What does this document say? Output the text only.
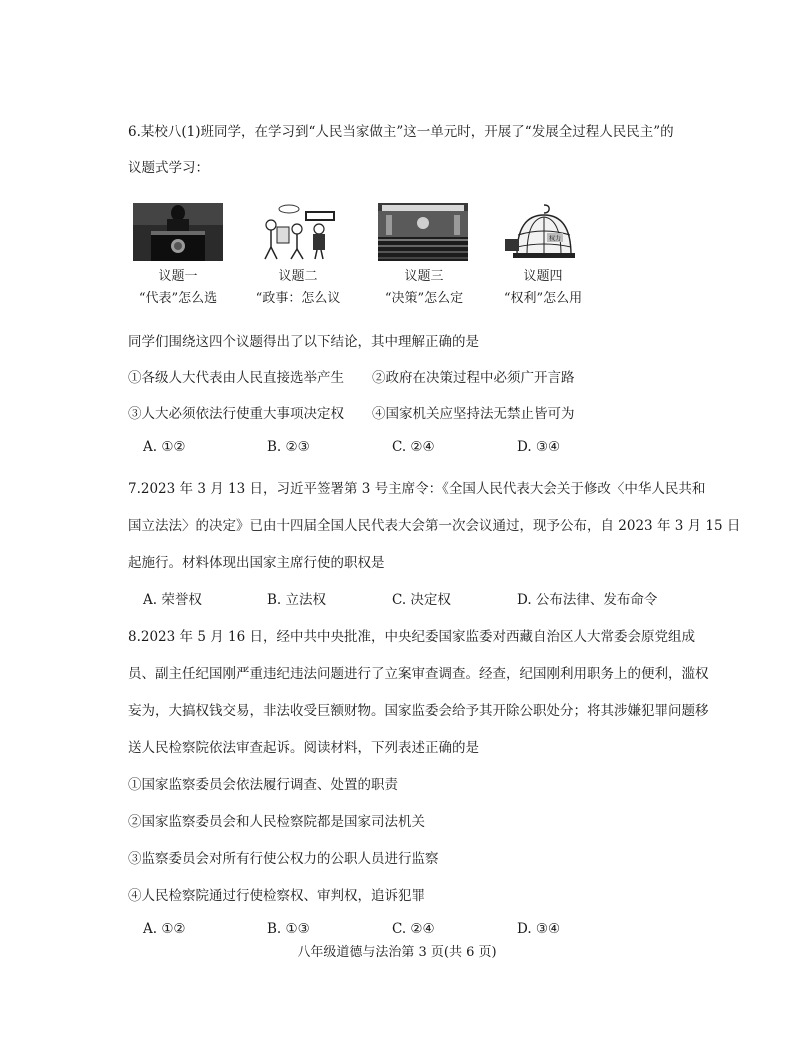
6.某校八(1)班同学，在学习到“人民当家做主”这一单元时，开展了“发展全过程人民民主”的
议题式学习：
权力
议题一
“代表”怎么选
议题二
“政事：怎么议
议题三
“决策”怎么定
议题四
“权利”怎么用
同学们围绕这四个议题得出了以下结论，其中理解正确的是
①各级人大代表由人民直接选举产生 ②政府在决策过程中必须广开言路
③人大必须依法行使重大事项决定权 ④国家机关应坚持法无禁止皆可为
A. ①②	B. ②③	C. ②④	D. ③④
7.2023 年 3 月 13 日，习近平签署第 3 号主席令：《全国人民代表大会关于修改〈中华人民共和
国立法法〉的决定》已由十四届全国人民代表大会第一次会议通过，现予公布，自 2023 年 3 月 15 日
起施行。材料体现出国家主席行使的职权是
A. 荣誉权	B. 立法权	C. 决定权	D. 公布法律、发布命令
8.2023 年 5 月 16 日，经中共中央批准，中央纪委国家监委对西藏自治区人大常委会原党组成
员、副主任纪国刚严重违纪违法问题进行了立案审查调查。经查，纪国刚利用职务上的便利，滥权
妄为，大搞权钱交易，非法收受巨额财物。国家监委会给予其开除公职处分；将其涉嫌犯罪问题移
送人民检察院依法审查起诉。阅读材料，下列表述正确的是
①国家监察委员会依法履行调查、处置的职责
②国家监察委员会和人民检察院都是国家司法机关
③监察委员会对所有行使公权力的公职人员进行监察
④人民检察院通过行使检察权、审判权，追诉犯罪
A. ①②	B. ①③	C. ②④	D. ③④
八年级道德与法治第 3 页(共 6 页)
